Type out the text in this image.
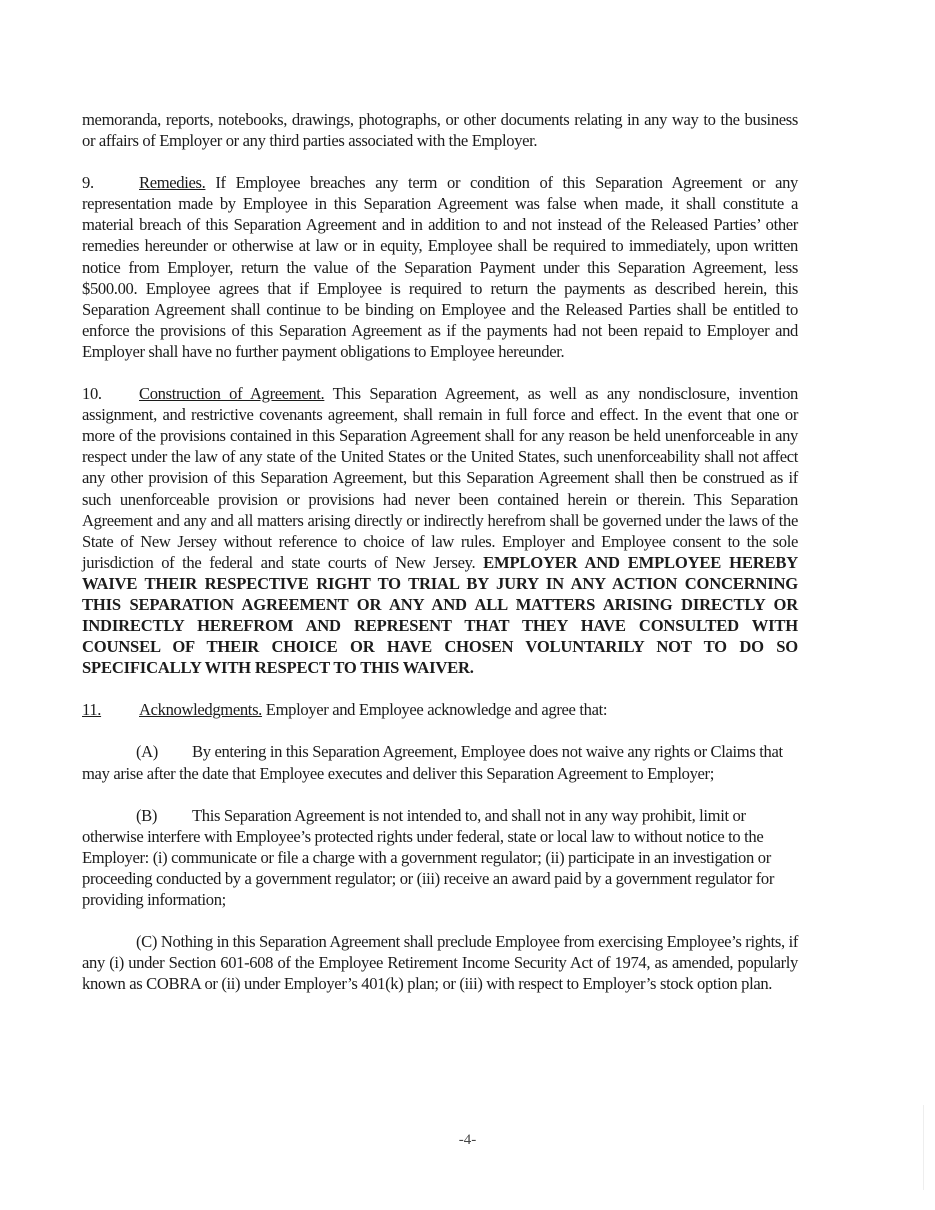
memoranda, reports, notebooks, drawings, photographs, or other documents relating in any way to the business or affairs of Employer or any third parties associated with the Employer.

9.	Remedies. If Employee breaches any term or condition of this Separation Agreement or any representation made by Employee in this Separation Agreement was false when made, it shall constitute a material breach of this Separation Agreement and in addition to and not instead of the Released Parties’ other remedies hereunder or otherwise at law or in equity, Employee shall be required to immediately, upon written notice from Employer, return the value of the Separation Payment under this Separation Agreement, less $500.00. Employee agrees that if Employee is required to return the payments as described herein, this Separation Agreement shall continue to be binding on Employee and the Released Parties shall be entitled to enforce the provisions of this Separation Agreement as if the payments had not been repaid to Employer and Employer shall have no further payment obligations to Employee hereunder.

10. Construction of Agreement. This Separation Agreement, as well as any nondisclosure, invention assignment, and restrictive covenants agreement, shall remain in full force and effect. In the event that one or more of the provisions contained in this Separation Agreement shall for any reason be held unenforceable in any respect under the law of any state of the United States or the United States, such unenforceability shall not affect any other provision of this Separation Agreement, but this Separation Agreement shall then be construed as if such unenforceable provision or provisions had never been contained herein or therein. This Separation Agreement and any and all matters arising directly or indirectly herefrom shall be governed under the laws of the State of New Jersey without reference to choice of law rules. Employer and Employee consent to the sole jurisdiction of the federal and state courts of New Jersey. EMPLOYER AND EMPLOYEE HEREBY WAIVE THEIR RESPECTIVE RIGHT TO TRIAL BY JURY IN ANY ACTION CONCERNING THIS SEPARATION AGREEMENT OR ANY AND ALL MATTERS ARISING DIRECTLY OR INDIRECTLY HEREFROM AND REPRESENT THAT THEY HAVE CONSULTED WITH COUNSEL OF THEIR CHOICE OR HAVE CHOSEN VOLUNTARILY NOT TO DO SO SPECIFICALLY WITH RESPECT TO THIS WAIVER.

11. Acknowledgments. Employer and Employee acknowledge and agree that:

(A) By entering in this Separation Agreement, Employee does not waive any rights or Claims that may arise after the date that Employee executes and deliver this Separation Agreement to Employer;

(B) This Separation Agreement is not intended to, and shall not in any way prohibit, limit or otherwise interfere with Employee’s protected rights under federal, state or local law to without notice to the Employer: (i) communicate or file a charge with a government regulator; (ii) participate in an investigation or proceeding conducted by a government regulator; or (iii) receive an award paid by a government regulator for providing information;

(C) Nothing in this Separation Agreement shall preclude Employee from exercising Employee’s rights, if any (i) under Section 601-608 of the Employee Retirement Income Security Act of 1974, as amended, popularly known as COBRA or (ii) under Employer’s 401(k) plan; or (iii) with respect to Employer’s stock option plan.

-4-
